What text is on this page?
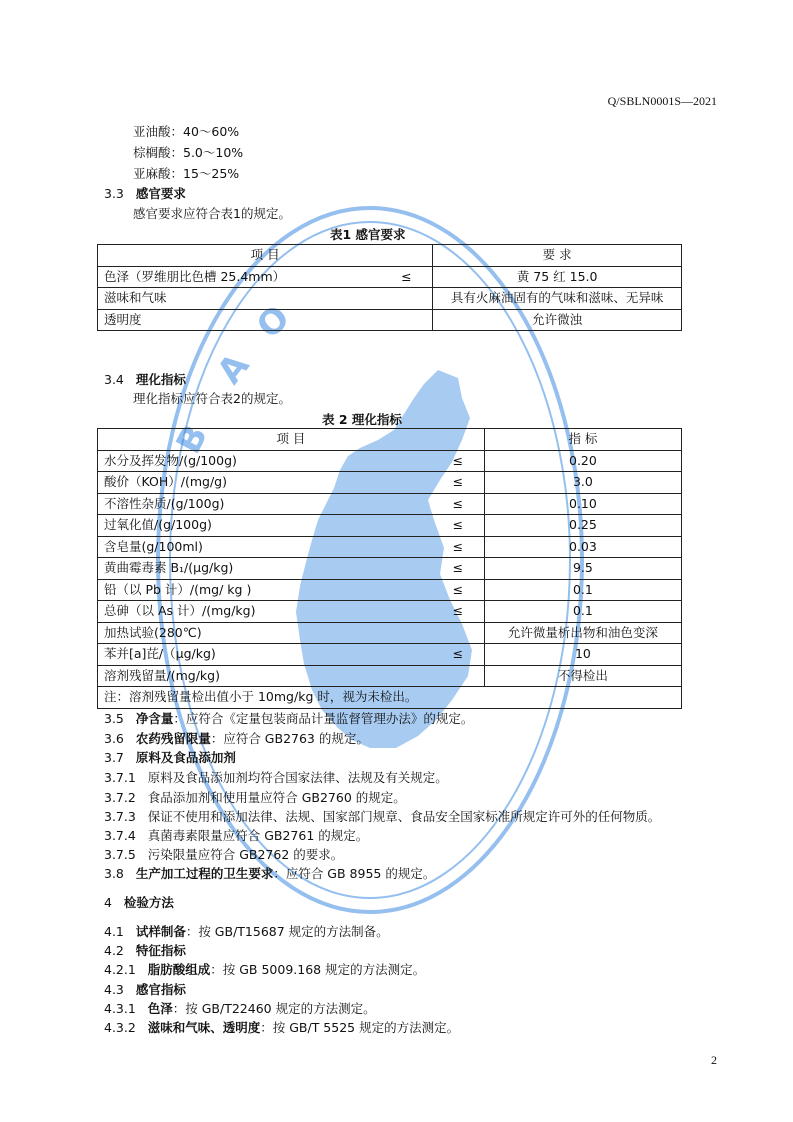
B
A
O
Q/SBLN0001S—2021
亚油酸：40～60%
棕榈酸：5.0～10%
亚麻酸：15～25%
3.3 感官要求
感官要求应符合表1的规定。
表1 感官要求
项 目		要 求
色泽（罗维朋比色槽 25.4mm）	≤	黄 75 红 15.0
滋味和气味		具有火麻油固有的气味和滋味、无异味
透明度		允许微浊
3.4 理化指标
理化指标应符合表2的规定。
表 2 理化指标
项 目		指 标
水分及挥发物/(g/100g)	≤	0.20
酸价（KOH）/(mg/g)	≤	3.0
不溶性杂质/(g/100g)	≤	0.10
过氧化值/(g/100g)	≤	0.25
含皂量(g/100ml)	≤	0.03
黄曲霉毒素 B₁/(μg/kg)	≤	9.5
铅（以 Pb 计）/(mg/ kg )	≤	0.1
总砷（以 As 计）/(mg/kg)	≤	0.1
加热试验(280℃)		允许微量析出物和油色变深
苯并[a]芘/（μg/kg)	≤	10
溶剂残留量/(mg/kg)		不得检出
注：溶剂残留量检出值小于 10mg/kg 时，视为未检出。		
3.5 净含量：应符合《定量包装商品计量监督管理办法》的规定。
3.6 农药残留限量：应符合 GB2763 的规定。
3.7 原料及食品添加剂
3.7.1 原料及食品添加剂均符合国家法律、法规及有关规定。
3.7.2 食品添加剂和使用量应符合 GB2760 的规定。
3.7.3 保证不使用和添加法律、法规、国家部门规章、食品安全国家标准所规定许可外的任何物质。
3.7.4 真菌毒素限量应符合 GB2761 的规定。
3.7.5 污染限量应符合 GB2762 的要求。
3.8 生产加工过程的卫生要求：应符合 GB 8955 的规定。
4 检验方法
4.1 试样制备：按 GB/T15687 规定的方法制备。
4.2 特征指标
4.2.1 脂肪酸组成：按 GB 5009.168 规定的方法测定。
4.3 感官指标
4.3.1 色泽：按 GB/T22460 规定的方法测定。
4.3.2 滋味和气味、透明度：按 GB/T 5525 规定的方法测定。
2
